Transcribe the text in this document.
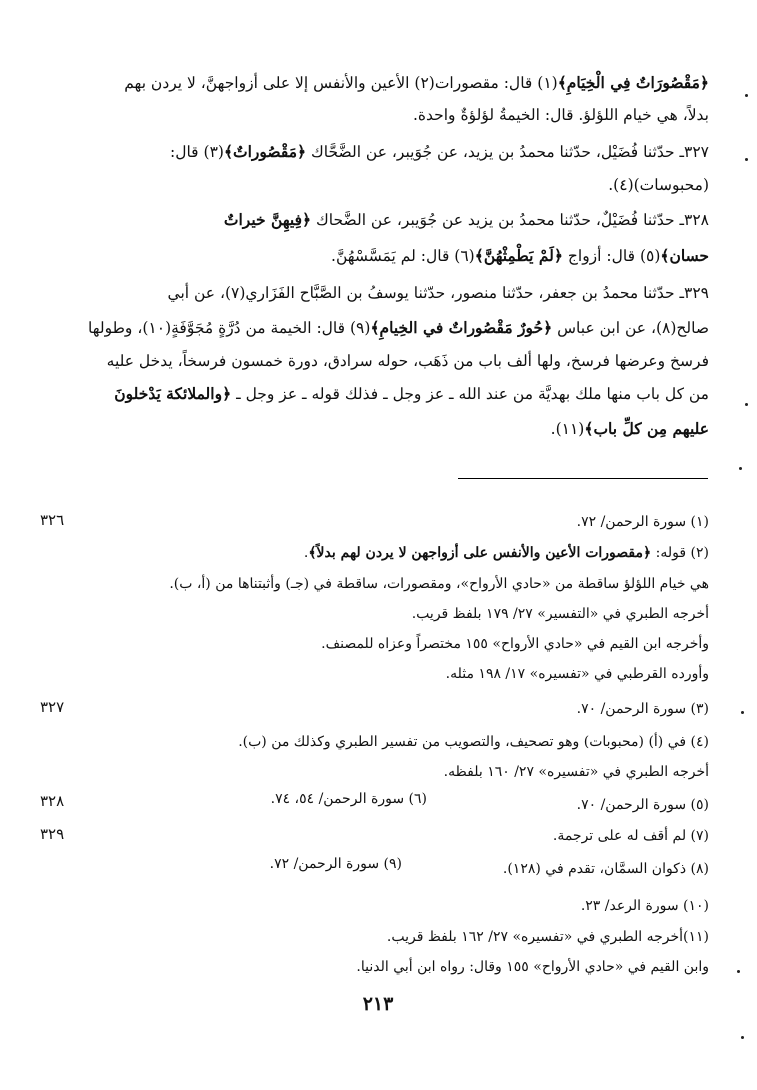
﴿مَقْصُورَاتٌ فِي الْخِيَامِ﴾(١) قال: مقصورات(٢) الأعين والأنفس إلا على أزواجهنَّ، لا يردن بهم

بدلاً، هي خيام اللؤلؤ. قال: الخيمةُ لؤلؤةٌ واحدة.

٣٢٧ـ حدّثنا فُضَيْل، حدّثنا محمدُ بن يزيد، عن جُوَيبر، عن الضَّحَّاك ﴿مَقْصُوراتٌ﴾(٣) قال:

(محبوسات)(٤).

٣٢٨ـ حدّثنا فُضَيْلٌ، حدّثنا محمدُ بن يزيد عن جُوَيبر، عن الضَّحاك ﴿فِيهِنَّ خيراتٌ

حسان﴾(٥) قال: أزواج ﴿لَمْ يَطْمِثْهُنَّ﴾(٦) قال: لم يَمَسَّسْهُنَّ.

٣٢٩ـ حدّثنا محمدُ بن جعفر، حدّثنا منصور، حدّثنا يوسفُ بن الصَّبَّاح الفَزَاري(٧)، عن أبي

صالح(٨)، عن ابن عباس ﴿حُورٌ مَقْصُوراتٌ في الخِيامِ﴾(٩) قال: الخيمة من دُرَّةٍ مُجَوَّفَةٍ(١٠)، وطولها

فرسخ وعرضها فرسخ، ولها ألف باب من ذَهَب، حوله سرادق، دورة خمسون فرسخاً، يدخل عليه

من كل باب منها ملك بهديَّة من عند الله ـ عز وجل ـ فذلك قوله ـ عز وجل ـ ﴿والملائكة يَدْخلونَ

عليهم مِن كلِّ باب﴾(١١).

(١) سورة الرحمن/ ٧٢.

(٢) قوله: ﴿مقصورات الأعين والأنفس على أزواجهن لا يردن لهم بدلاً﴾.

هي خيام اللؤلؤ ساقطة من «حادي الأرواح»، ومقصورات، ساقطة في (جـ) وأثبتناها من (أ، ب).

أخرجه الطبري في «التفسير» ٢٧/ ١٧٩ بلفظ قريب.

وأخرجه ابن القيم في «حادي الأرواح» ١٥٥ مختصراً وعزاه للمصنف.

وأورده القرطبي في «تفسيره» ١٧/ ١٩٨ مثله.

(٣) سورة الرحمن/ ٧٠.

(٤) في (أ) (محبوبات) وهو تصحيف، والتصويب من تفسير الطبري وكذلك من (ب).

أخرجه الطبري في «تفسيره» ٢٧/ ١٦٠ بلفظه.

(٥) سورة الرحمن/ ٧٠.

(٦) سورة الرحمن/ ٥٤، ٧٤.

(٧) لم أقف له على ترجمة.

(٨) ذكوان السمَّان، تقدم في (١٢٨).

(٩) سورة الرحمن/ ٧٢.

(١٠) سورة الرعد/ ٢٣.

(١١)أخرجه الطبري في «تفسيره» ٢٧/ ١٦٢ بلفظ قريب.

وابن القيم في «حادي الأرواح» ١٥٥ وقال: رواه ابن أبي الدنيا.

٣٢٦
٣٢٧
٣٢٨
٣٢٩
٢١٣
